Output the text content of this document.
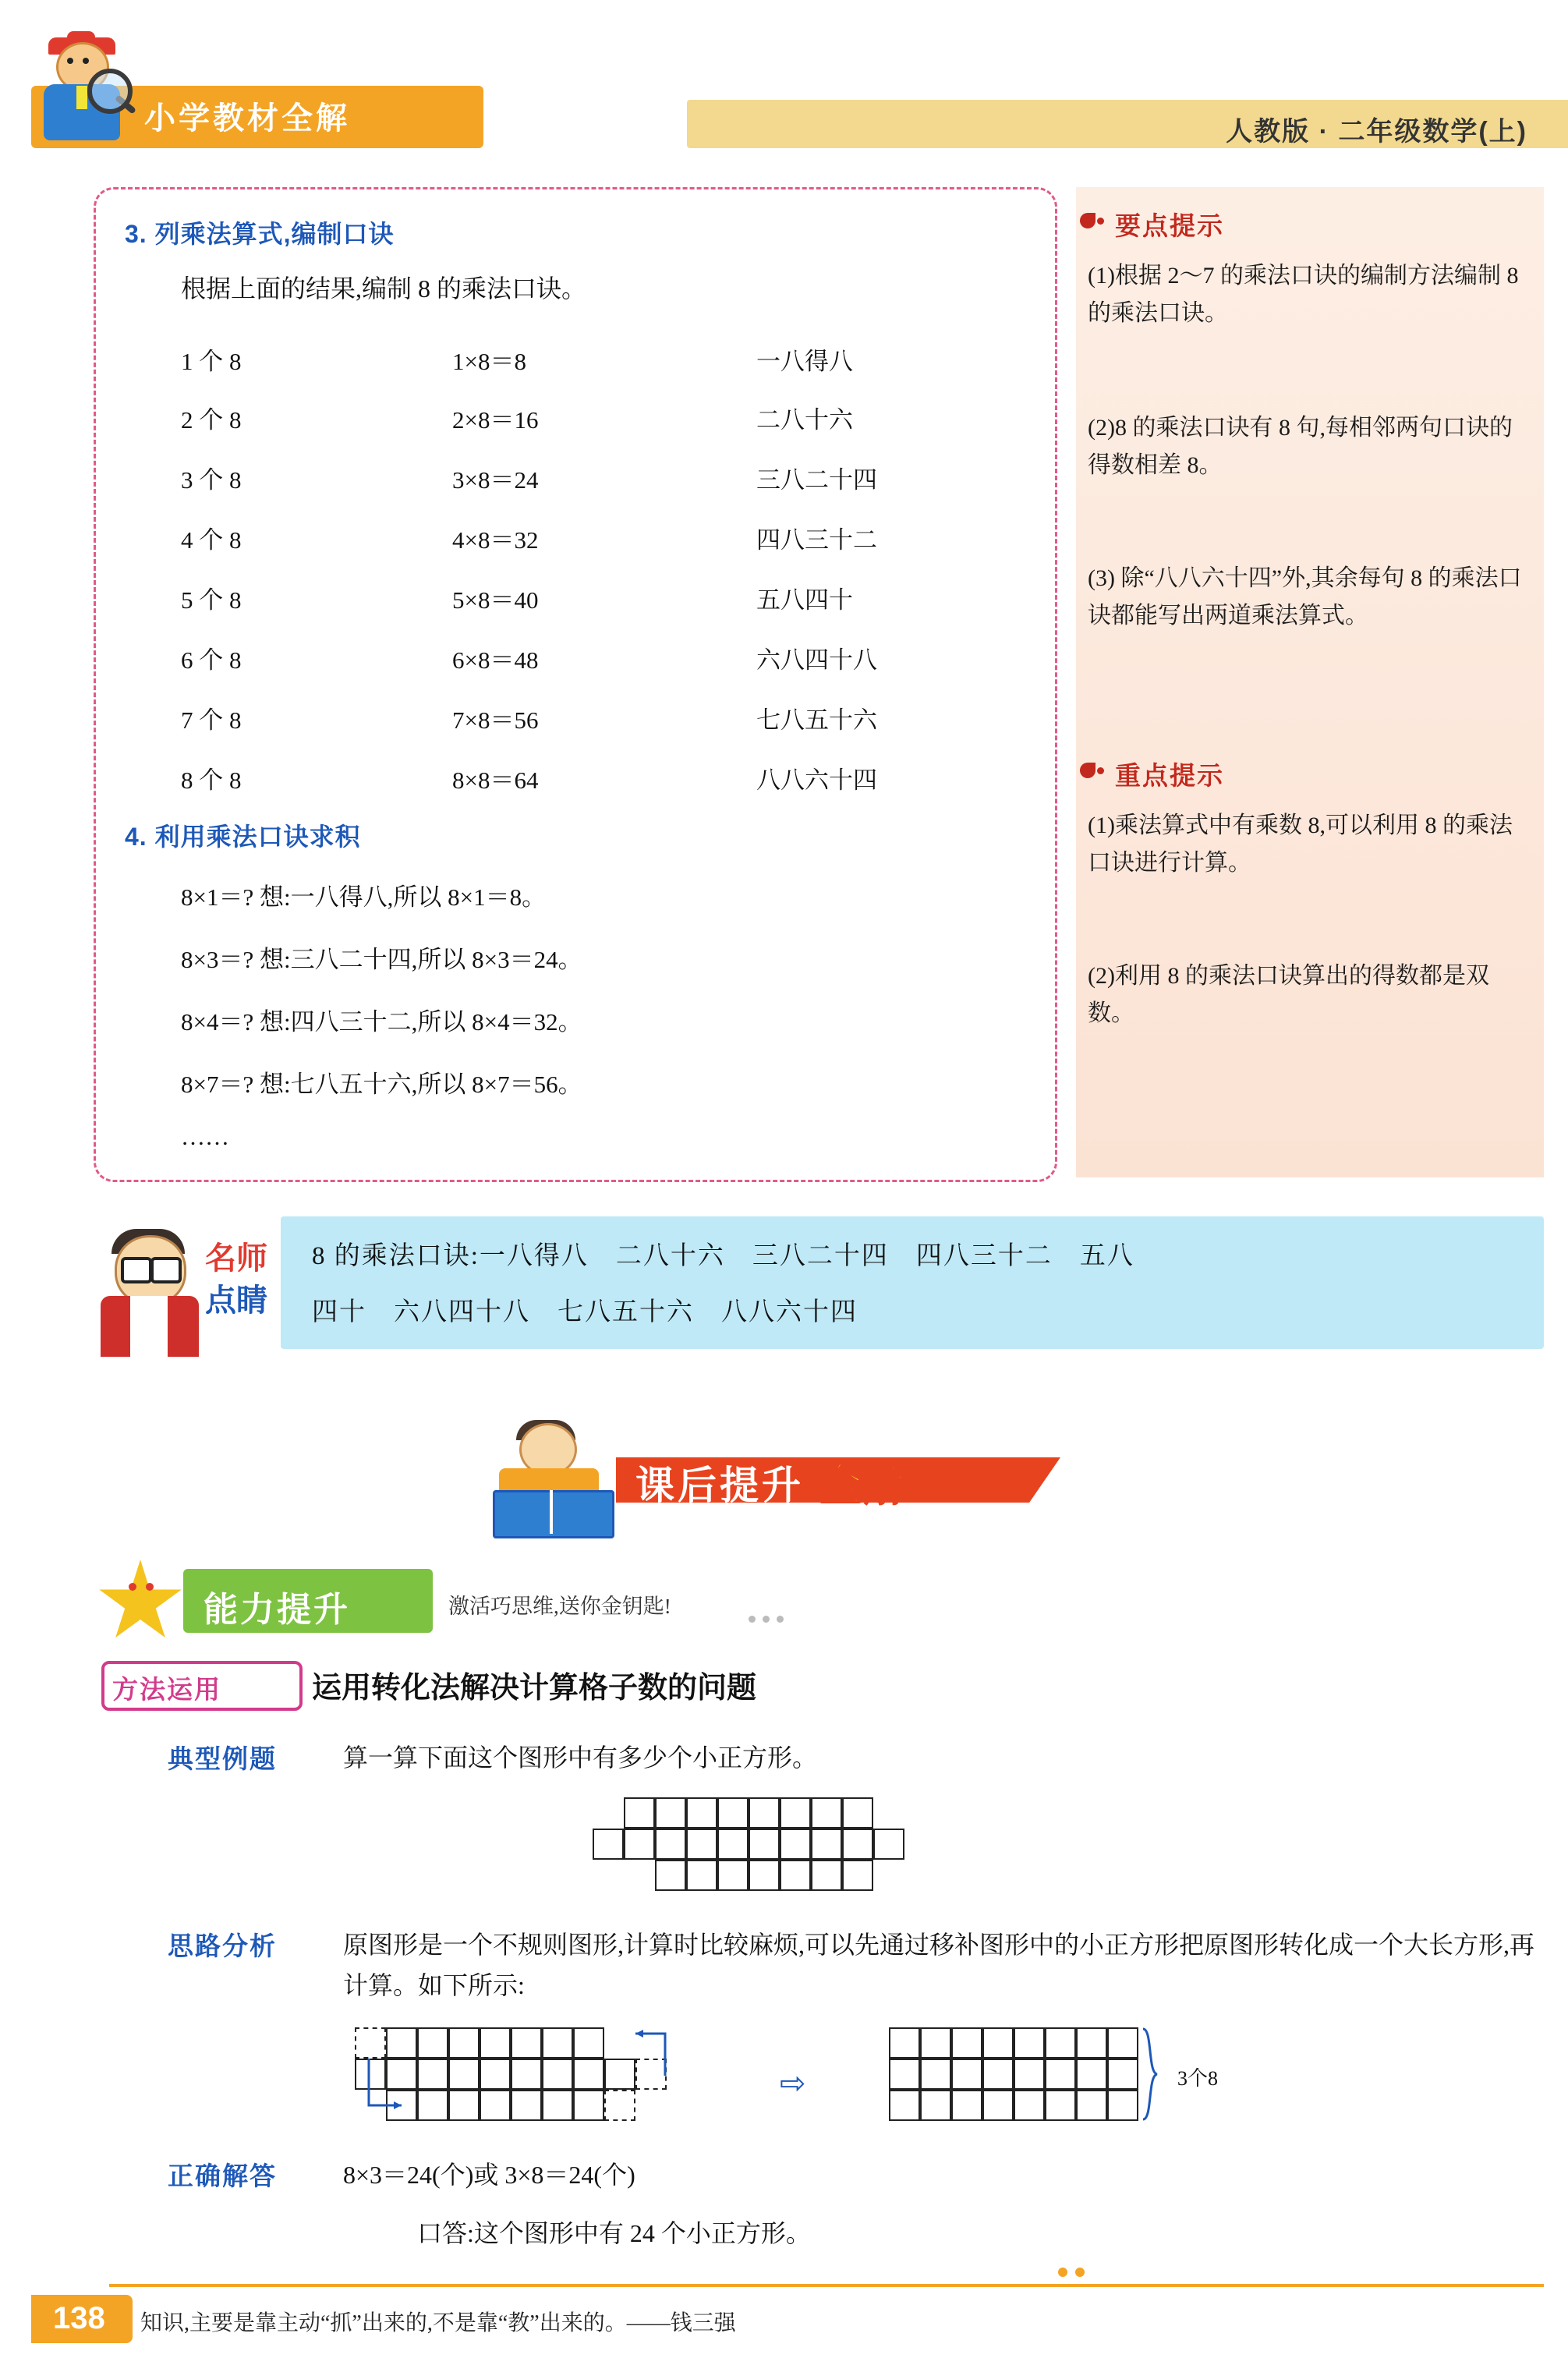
小学教材全解	人教版 · 二年级数学(上)
3. 列乘法算式,编制口诀
根据上面的结果,编制 8 的乘法口诀。
1 个 8	1×8＝8	一八得八
2 个 8	2×8＝16	二八十六
3 个 8	3×8＝24	三八二十四
4 个 8	4×8＝32	四八三十二
5 个 8	5×8＝40	五八四十
6 个 8	6×8＝48	六八四十八
7 个 8	7×8＝56	七八五十六
8 个 8	8×8＝64	八八六十四
4. 利用乘法口诀求积
8×1＝? 想:一八得八,所以 8×1＝8。
8×3＝? 想:三八二十四,所以 8×3＝24。
8×4＝? 想:四八三十二,所以 8×4＝32。
8×7＝? 想:七八五十六,所以 8×7＝56。
……
要点提示
(1)根据 2～7 的乘法口诀的编制方法编制 8 的乘法口诀。
(2)8 的乘法口诀有 8 句,每相邻两句口诀的得数相差 8。
(3) 除“八八六十四”外,其余每句 8 的乘法口诀都能写出两道乘法算式。
重点提示
(1)乘法算式中有乘数 8,可以利用 8 的乘法口诀进行计算。
(2)利用 8 的乘法口诀算出的得数都是双数。
8 的乘法口诀:一八得八　二八十六　三八二十四　四八三十二　五八
四十　六八四十八　七八五十六　八八六十四
名师
点睛
课后提升 全解
能力提升	激活巧思维,送你金钥匙!
方法运用	运用转化法解决计算格子数的问题
典型例题	算一算下面这个图形中有多少个小正方形。
思路分析	原图形是一个不规则图形,计算时比较麻烦,可以先通过移补图形中的小正方形把原图形转化成一个大长方形,再计算。如下所示:
⇨	3个8
正确解答	8×3＝24(个)或 3×8＝24(个)
口答:这个图形中有 24 个小正方形。
138 知识,主要是靠主动“抓”出来的,不是靠“教”出来的。——钱三强
